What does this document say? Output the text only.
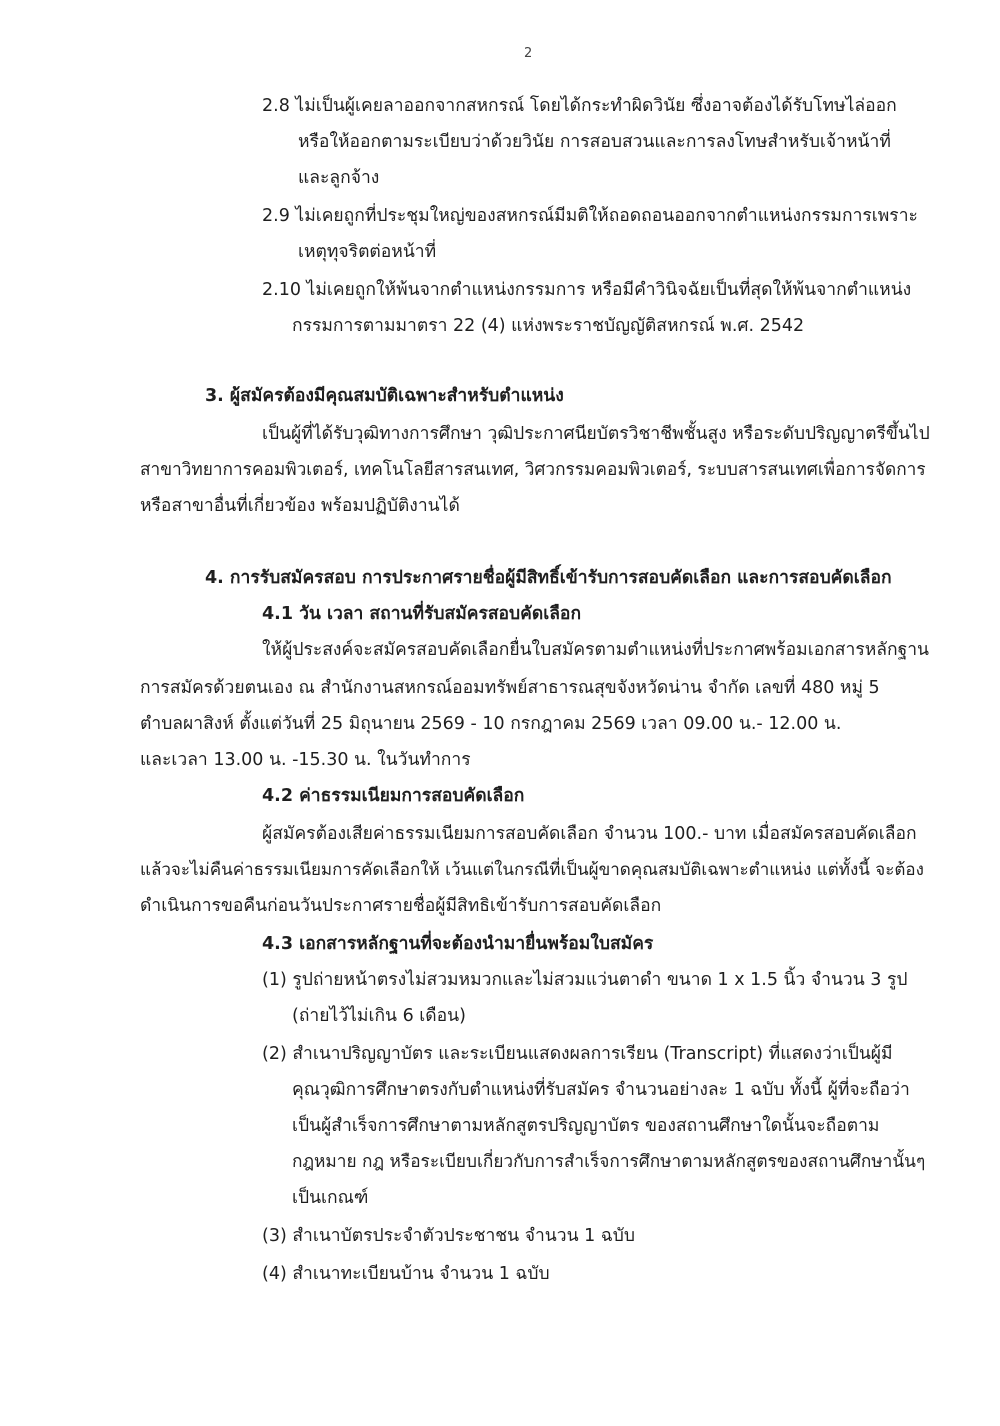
2

2.8 ไม่เป็นผู้เคยลาออกจากสหกรณ์ โดยได้กระทำผิดวินัย ซึ่งอาจต้องได้รับโทษไล่ออก

หรือให้ออกตามระเบียบว่าด้วยวินัย การสอบสวนและการลงโทษสำหรับเจ้าหน้าที่

และลูกจ้าง

2.9 ไม่เคยถูกที่ประชุมใหญ่ของสหกรณ์มีมติให้ถอดถอนออกจากตำแหน่งกรรมการเพราะ

เหตุทุจริตต่อหน้าที่

2.10 ไม่เคยถูกให้พ้นจากตำแหน่งกรรมการ หรือมีคำวินิจฉัยเป็นที่สุดให้พ้นจากตำแหน่ง

กรรมการตามมาตรา 22 (4) แห่งพระราชบัญญัติสหกรณ์ พ.ศ. 2542

3. ผู้สมัครต้องมีคุณสมบัติเฉพาะสำหรับตำแหน่ง

เป็นผู้ที่ได้รับวุฒิทางการศึกษา วุฒิประกาศนียบัตรวิชาชีพชั้นสูง หรือระดับปริญญาตรีขึ้นไป

สาขาวิทยาการคอมพิวเตอร์, เทคโนโลยีสารสนเทศ, วิศวกรรมคอมพิวเตอร์, ระบบสารสนเทศเพื่อการจัดการ

หรือสาขาอื่นที่เกี่ยวข้อง พร้อมปฏิบัติงานได้

4. การรับสมัครสอบ การประกาศรายชื่อผู้มีสิทธิ์เข้ารับการสอบคัดเลือก และการสอบคัดเลือก

4.1 วัน เวลา สถานที่รับสมัครสอบคัดเลือก

ให้ผู้ประสงค์จะสมัครสอบคัดเลือกยื่นใบสมัครตามตำแหน่งที่ประกาศพร้อมเอกสารหลักฐาน

การสมัครด้วยตนเอง ณ สำนักงานสหกรณ์ออมทรัพย์สาธารณสุขจังหวัดน่าน จำกัด เลขที่ 480 หมู่ 5

ตำบลผาสิงห์ ตั้งแต่วันที่ 25 มิถุนายน 2569 - 10 กรกฎาคม 2569 เวลา 09.00 น.- 12.00 น.

และเวลา 13.00 น. -15.30 น. ในวันทำการ

4.2 ค่าธรรมเนียมการสอบคัดเลือก

ผู้สมัครต้องเสียค่าธรรมเนียมการสอบคัดเลือก จำนวน 100.- บาท เมื่อสมัครสอบคัดเลือก

แล้วจะไม่คืนค่าธรรมเนียมการคัดเลือกให้ เว้นแต่ในกรณีที่เป็นผู้ขาดคุณสมบัติเฉพาะตำแหน่ง แต่ทั้งนี้ จะต้อง

ดำเนินการขอคืนก่อนวันประกาศรายชื่อผู้มีสิทธิเข้ารับการสอบคัดเลือก

4.3 เอกสารหลักฐานที่จะต้องนำมายื่นพร้อมใบสมัคร

(1) รูปถ่ายหน้าตรงไม่สวมหมวกและไม่สวมแว่นตาดำ ขนาด 1 x 1.5 นิ้ว จำนวน 3 รูป

(ถ่ายไว้ไม่เกิน 6 เดือน)

(2) สำเนาปริญญาบัตร และระเบียนแสดงผลการเรียน (Transcript) ที่แสดงว่าเป็นผู้มี

คุณวุฒิการศึกษาตรงกับตำแหน่งที่รับสมัคร จำนวนอย่างละ 1 ฉบับ ทั้งนี้ ผู้ที่จะถือว่า

เป็นผู้สำเร็จการศึกษาตามหลักสูตรปริญญาบัตร ของสถานศึกษาใดนั้นจะถือตาม

กฎหมาย กฎ หรือระเบียบเกี่ยวกับการสำเร็จการศึกษาตามหลักสูตรของสถานศึกษานั้นๆ

เป็นเกณฑ์

(3) สำเนาบัตรประจำตัวประชาชน จำนวน 1 ฉบับ

(4) สำเนาทะเบียนบ้าน จำนวน 1 ฉบับ
